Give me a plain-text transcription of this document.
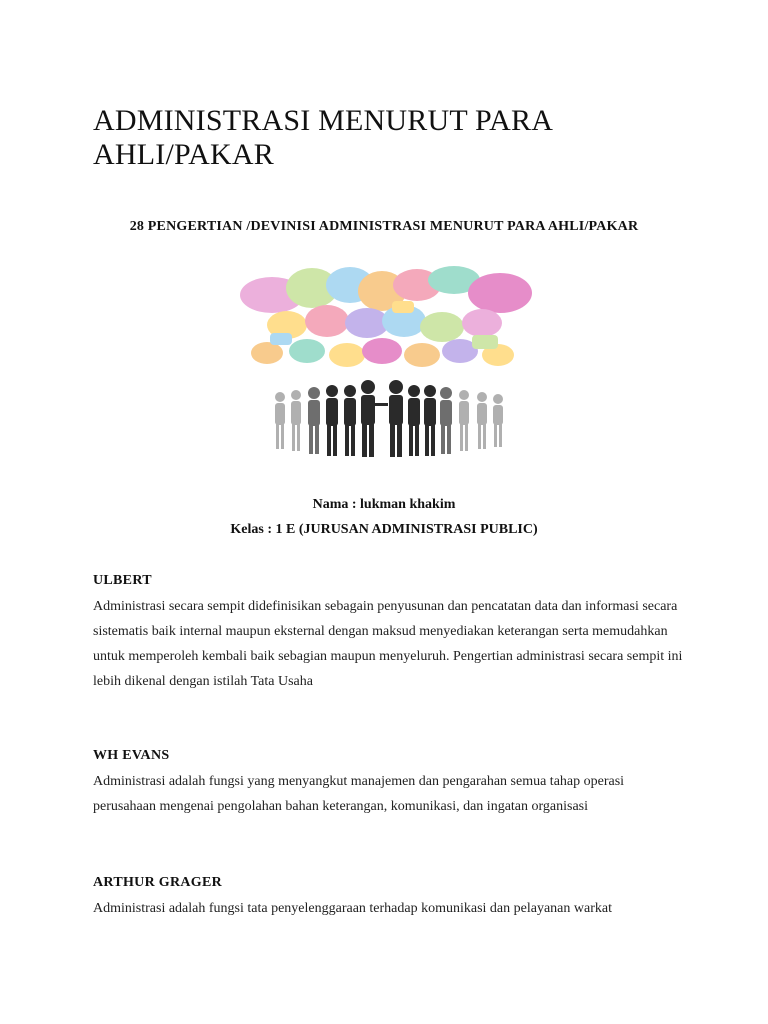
ADMINISTRASI MENURUT PARA AHLI/PAKAR

28 PENGERTIAN /DEVINISI ADMINISTRASI MENURUT PARA AHLI/PAKAR

Nama : lukman khakim

Kelas : 1 E (JURUSAN ADMINISTRASI PUBLIC)

ULBERT

Administrasi secara sempit didefinisikan sebagain penyusunan dan pencatatan data dan informasi secara sistematis baik internal maupun eksternal dengan maksud menyediakan keterangan serta memudahkan untuk memperoleh kembali baik sebagian maupun menyeluruh. Pengertian administrasi secara sempit ini lebih dikenal dengan istilah Tata Usaha

WH EVANS

Administrasi adalah fungsi yang menyangkut manajemen dan pengarahan semua tahap operasi perusahaan mengenai pengolahan bahan keterangan, komunikasi, dan ingatan organisasi

ARTHUR GRAGER

Administrasi adalah fungsi tata penyelenggaraan terhadap komunikasi dan pelayanan warkat
